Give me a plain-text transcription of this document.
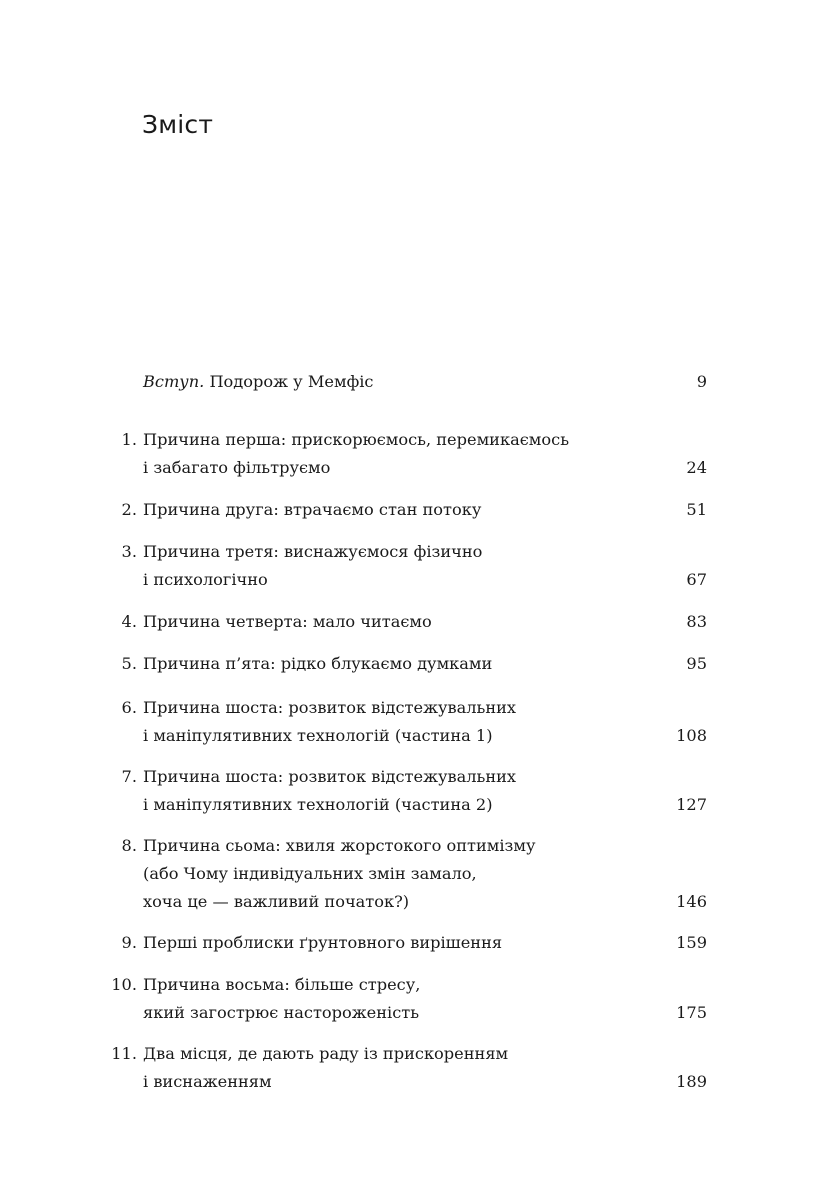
Зміст
Вступ. Подорож у Мемфіс	9
1. Причина перша: прискорюємось, перемикаємось
і забагато фільтруємо	24
2. Причина друга: втрачаємо стан потоку	51
3. Причина третя: виснажуємося фізично
і психологічно	67
4. Причина четверта: мало читаємо	83
5. Причина п’ята: рідко блукаємо думками	95
6. Причина шоста: розвиток відстежувальних
і маніпулятивних технологій (частина 1)	108
7. Причина шоста: розвиток відстежувальних
і маніпулятивних технологій (частина 2)	127
8. Причина сьома: хвиля жорстокого оптимізму
(або Чому індивідуальних змін замало,
хоча це — важливий початок?)	146
9. Перші проблиски ґрунтовного вирішення	159
10. Причина восьма: більше стресу,
який загострює настороженість	175
11. Два місця, де дають раду із прискоренням
і виснаженням	189
